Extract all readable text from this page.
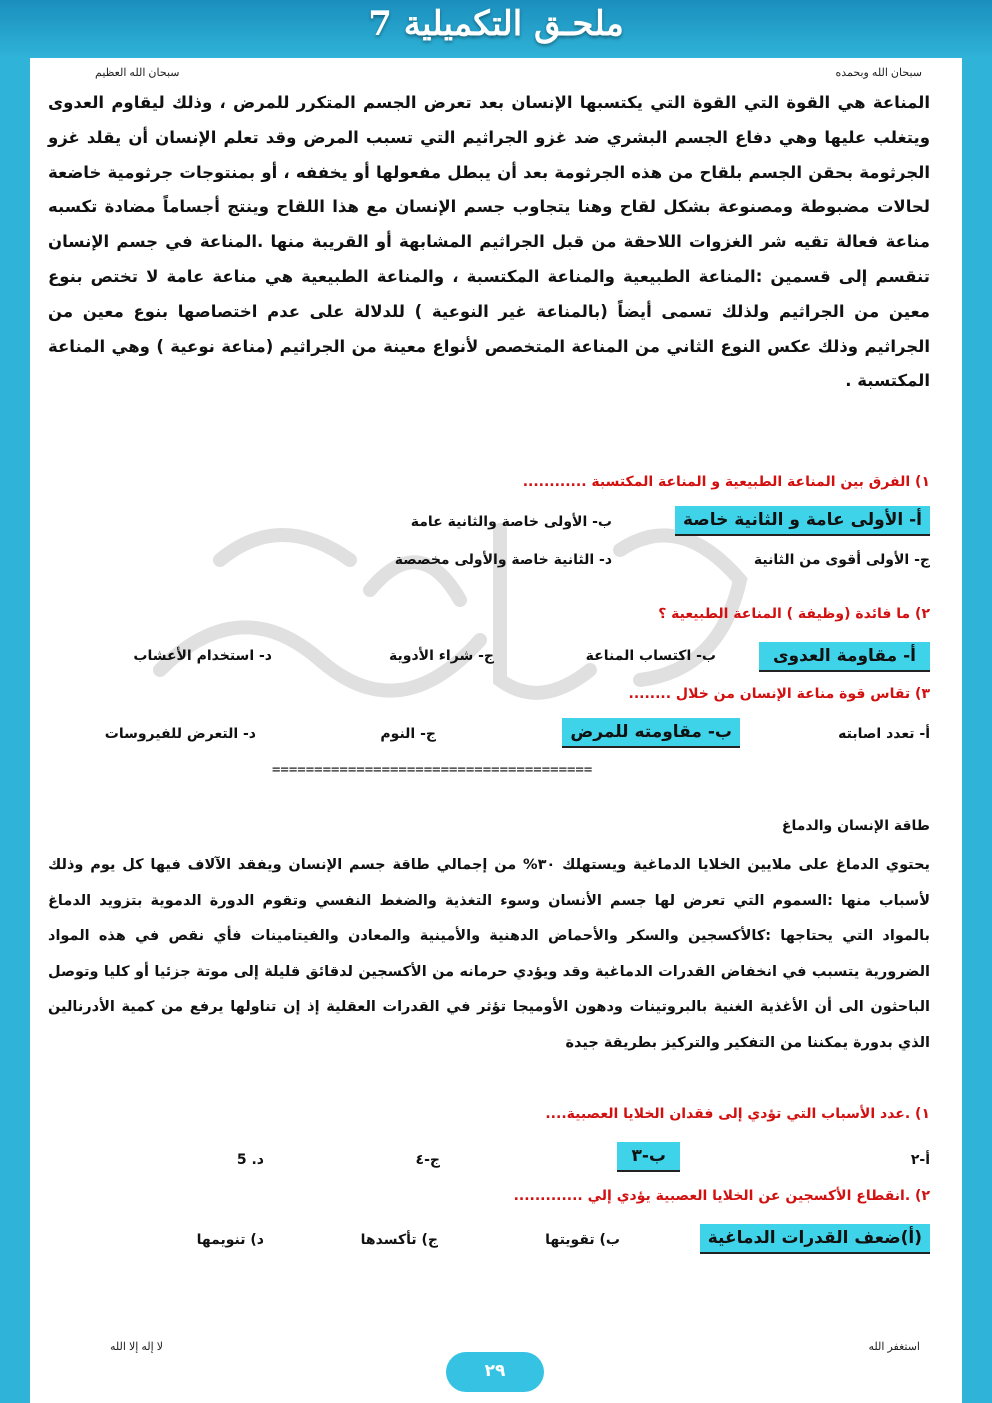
ملحـق التكميلية 7
سبحان الله وبحمده
سبحان الله العظيم
المناعة هي القوة التي القوة التي يكتسبها الإنسان بعد تعرض الجسم المتكرر للمرض ، وذلك ليقاوم العدوى ويتغلب عليها وهي دفاع الجسم البشري ضد غزو الجراثيم التي تسبب المرض وقد تعلم الإنسان أن يقلد غزو الجرثومة بحقن الجسم بلقاح من هذه الجرثومة بعد أن يبطل مفعولها أو يخففه ، أو بمنتوجات جرثومية خاضعة لحالات مضبوطة ومصنوعة بشكل لقاح وهنا يتجاوب جسم الإنسان مع هذا اللقاح وينتج أجساماً مضادة تكسبه مناعة فعالة تقيه شر الغزوات اللاحقة من قبل الجراثيم المشابهة أو القريبة منها .المناعة في جسم الإنسان تنقسم إلى قسمين :المناعة الطبيعية والمناعة المكتسبة ، والمناعة الطبيعية هي مناعة عامة لا تختص بنوع معين من الجراثيم ولذلك تسمى أيضاً (بالمناعة غير النوعية ) للدلالة على عدم اختصاصها بنوع معين من الجراثيم وذلك عكس النوع الثاني من المناعة المتخصص لأنواع معينة من الجراثيم (مناعة نوعية ) وهي المناعة المكتسبة .
١) الفرق بين المناعة الطبيعية و المناعة المكتسبة ............
أ- الأولى عامة و الثانية خاصة
ب- الأولى خاصة والثانية عامة
ج- الأولى أقوى من الثانية
د- الثانية خاصة والأولى مخصصة
٢) ما فائدة (وظيفة ) المناعة الطبيعية ؟
أ- مقاومة العدوى
ب- اكتساب المناعة
ج- شراء الأدوية
د- استخدام الأعشاب
٣) تقاس قوة مناعة الإنسان من خلال ........
أ- تعدد اصابته
ب- مقاومته للمرض
ج- النوم
د- التعرض للفيروسات
======================================
طاقة الإنسان والدماغ
يحتوي الدماغ على ملايين الخلايا الدماغية ويستهلك ٣٠% من إجمالي طاقة جسم الإنسان ويفقد الآلاف فيها كل يوم وذلك لأسباب منها :السموم التي تعرض لها جسم الأنسان وسوء التغذية والضغط النفسي وتقوم الدورة الدموية بتزويد الدماغ بالمواد التي يحتاجها :كالأكسجين والسكر والأحماض الدهنية والأمينية والمعادن والفيتامينات فأي نقص في هذه المواد الضرورية يتسبب في انخفاض القدرات الدماغية وقد ويؤدي حرمانه من الأكسجين لدقائق قليلة إلى موتة جزئيا أو كليا وتوصل الباحثون الى أن الأغذية الغنية بالبروتينات ودهون الأوميجا تؤثر في القدرات العقلية إذ إن تناولها يرفع من كمية الأدرنالين الذي بدورة يمكننا من التفكير والتركيز بطريقة جيدة
١) .عدد الأسباب التي تؤدي إلى فقدان الخلايا العصبية....
أ-٢
ب-٣
ج-٤
د. 5
٢) .انقطاع الأكسجين عن الخلايا العصبية يؤدي إلي .............
(أ)ضعف القدرات الدماغية
ب) تقويتها
ج) تأكسدها
د) تنويمها
استغفر الله
لا إله إلا الله
٢٩
